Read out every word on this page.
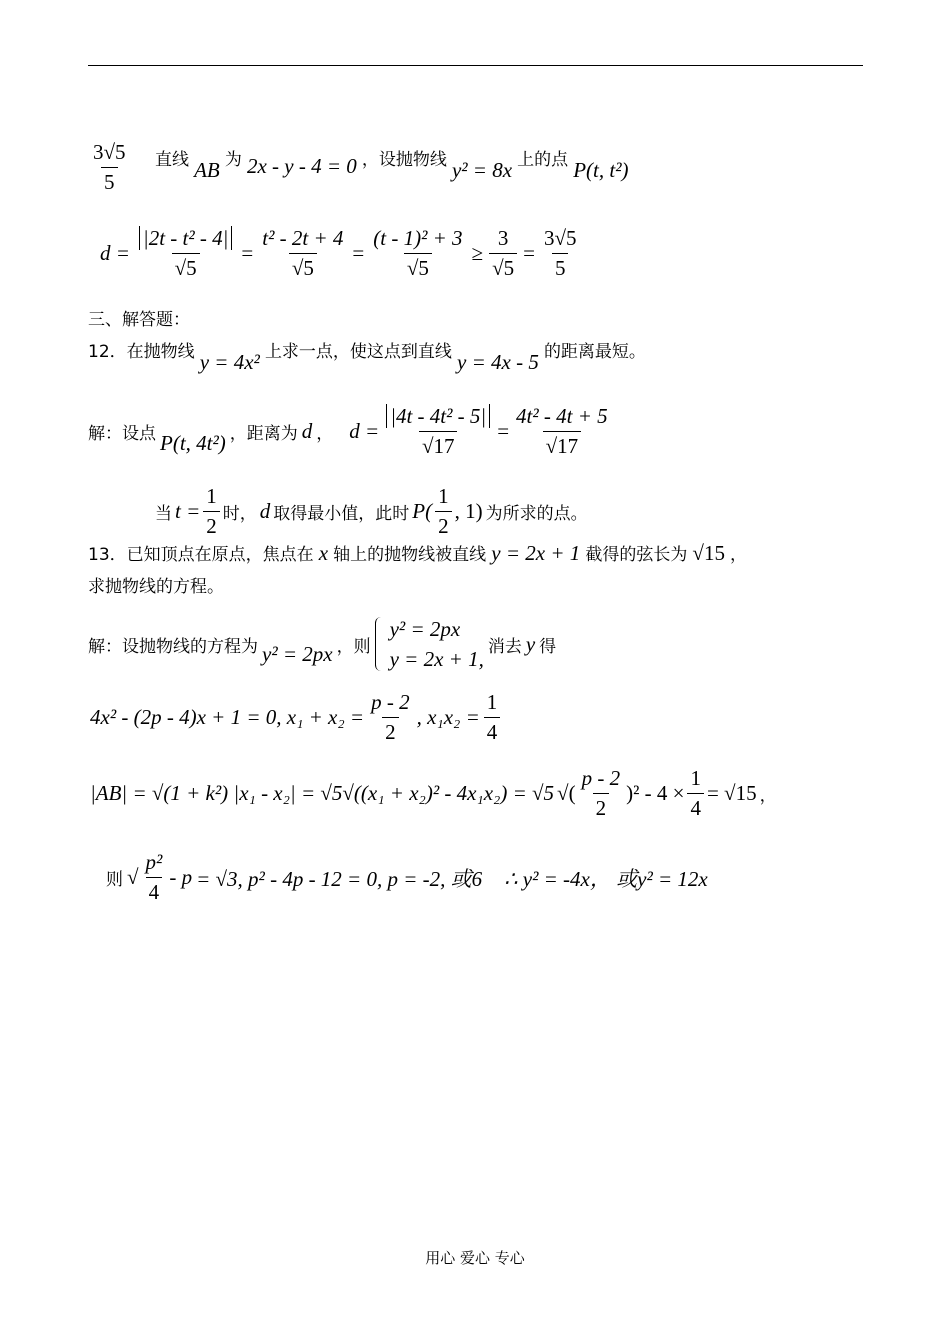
$\frac{3√5}{5}$ 直线 AB 为 2x - y - 4 = 0 ，设抛物线 y² = 8x 上的点 P(t, t²)
$d = \frac{\text{|2t - t² - 4|}}{√5} = \frac{\text{t² - 2t + 4}}{√5} = \frac{\text{(t - 1)² + 3}}{√5} \ge \frac{3}{√5} = \frac{3√5}{5}$
三、解答题：
12．在抛物线 y = 4x² 上求一点，使这点到直线 y = 4x - 5 的距离最短。
解：设点 P(t, 4t²) ，距离为 d ， $d = \frac{\text{|4t - 4t² - 5|}}{√17} = \frac{\text{4t² - 4t + 5}}{√17}$
当 $t = \frac{1}{2}$ 时， d 取得最小值，此时 $P( \frac{1}{2}$ , 1) 为所求的点。
13．已知顶点在原点，焦点在 x 轴上的抛物线被直线 y = 2x + 1 截得的弦长为 √15 ，
求抛物线的方程。
解：设抛物线的方程为 y² = 2px ，则
y² = 2px
y = 2x + 1,
消去 y 得
4x² - (2p - 4)x + 1 = 0, $x_1 + x_2 = \frac{p - 2}{2}$ , $x_1x_2 = \frac{1}{4}$
|AB| = √(1 + k²) |x₁ - x₂| = √5√((x₁ + x₂)² - 4x₁x₂) = √5 √( $\frac{p - 2}{2} )^2 - 4 \times \frac{1}{4} = √15$ ，
则 √ $\frac{\text{p²}}{4} - p = √3$, p² - 4p - 12 = 0, p = -2, 或6 ∴ y² = -4x， 或y² = 12x
用心 爱心 专心
